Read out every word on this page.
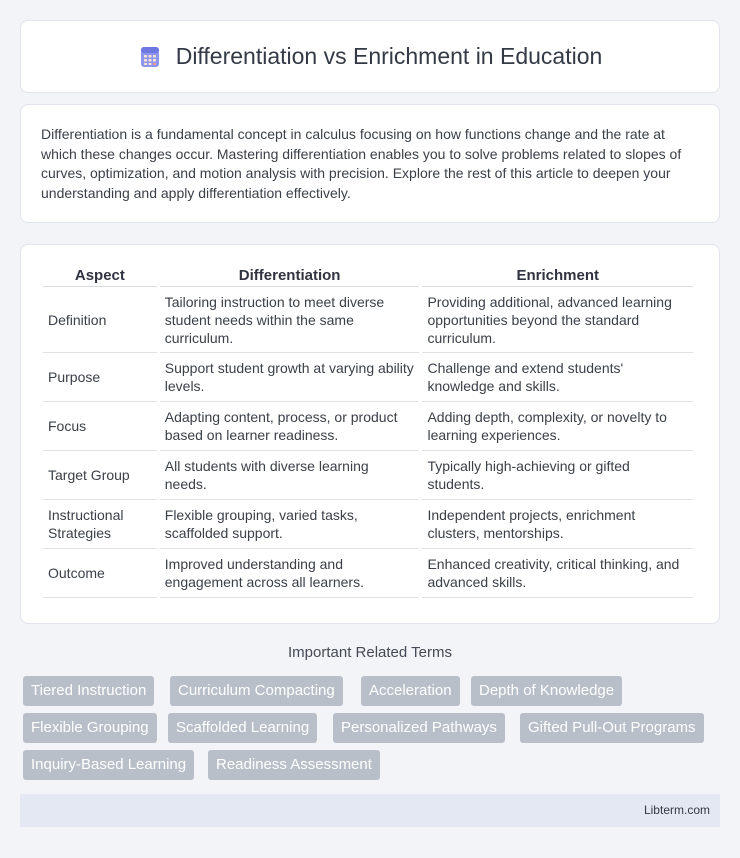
Differentiation vs Enrichment in Education

Differentiation is a fundamental concept in calculus focusing on how functions change and the rate at which these changes occur. Mastering differentiation enables you to solve problems related to slopes of curves, optimization, and motion analysis with precision. Explore the rest of this article to deepen your understanding and apply differentiation effectively.

Aspect	Differentiation	Enrichment
Definition	Tailoring instruction to meet diverse student needs within the same curriculum.	Providing additional, advanced learning opportunities beyond the standard curriculum.
Purpose	Support student growth at varying ability levels.	Challenge and extend students' knowledge and skills.
Focus	Adapting content, process, or product based on learner readiness.	Adding depth, complexity, or novelty to learning experiences.
Target Group	All students with diverse learning needs.	Typically high-achieving or gifted students.
Instructional Strategies	Flexible grouping, varied tasks, scaffolded support.	Independent projects, enrichment clusters, mentorships.
Outcome	Improved understanding and engagement across all learners.	Enhanced creativity, critical thinking, and advanced skills.
Important Related Terms
Tiered Instruction	Curriculum Compacting	Acceleration	Depth of Knowledge
Flexible Grouping	Scaffolded Learning	Personalized Pathways	Gifted Pull-Out Programs
Inquiry-Based Learning	Readiness Assessment
Libterm.com
